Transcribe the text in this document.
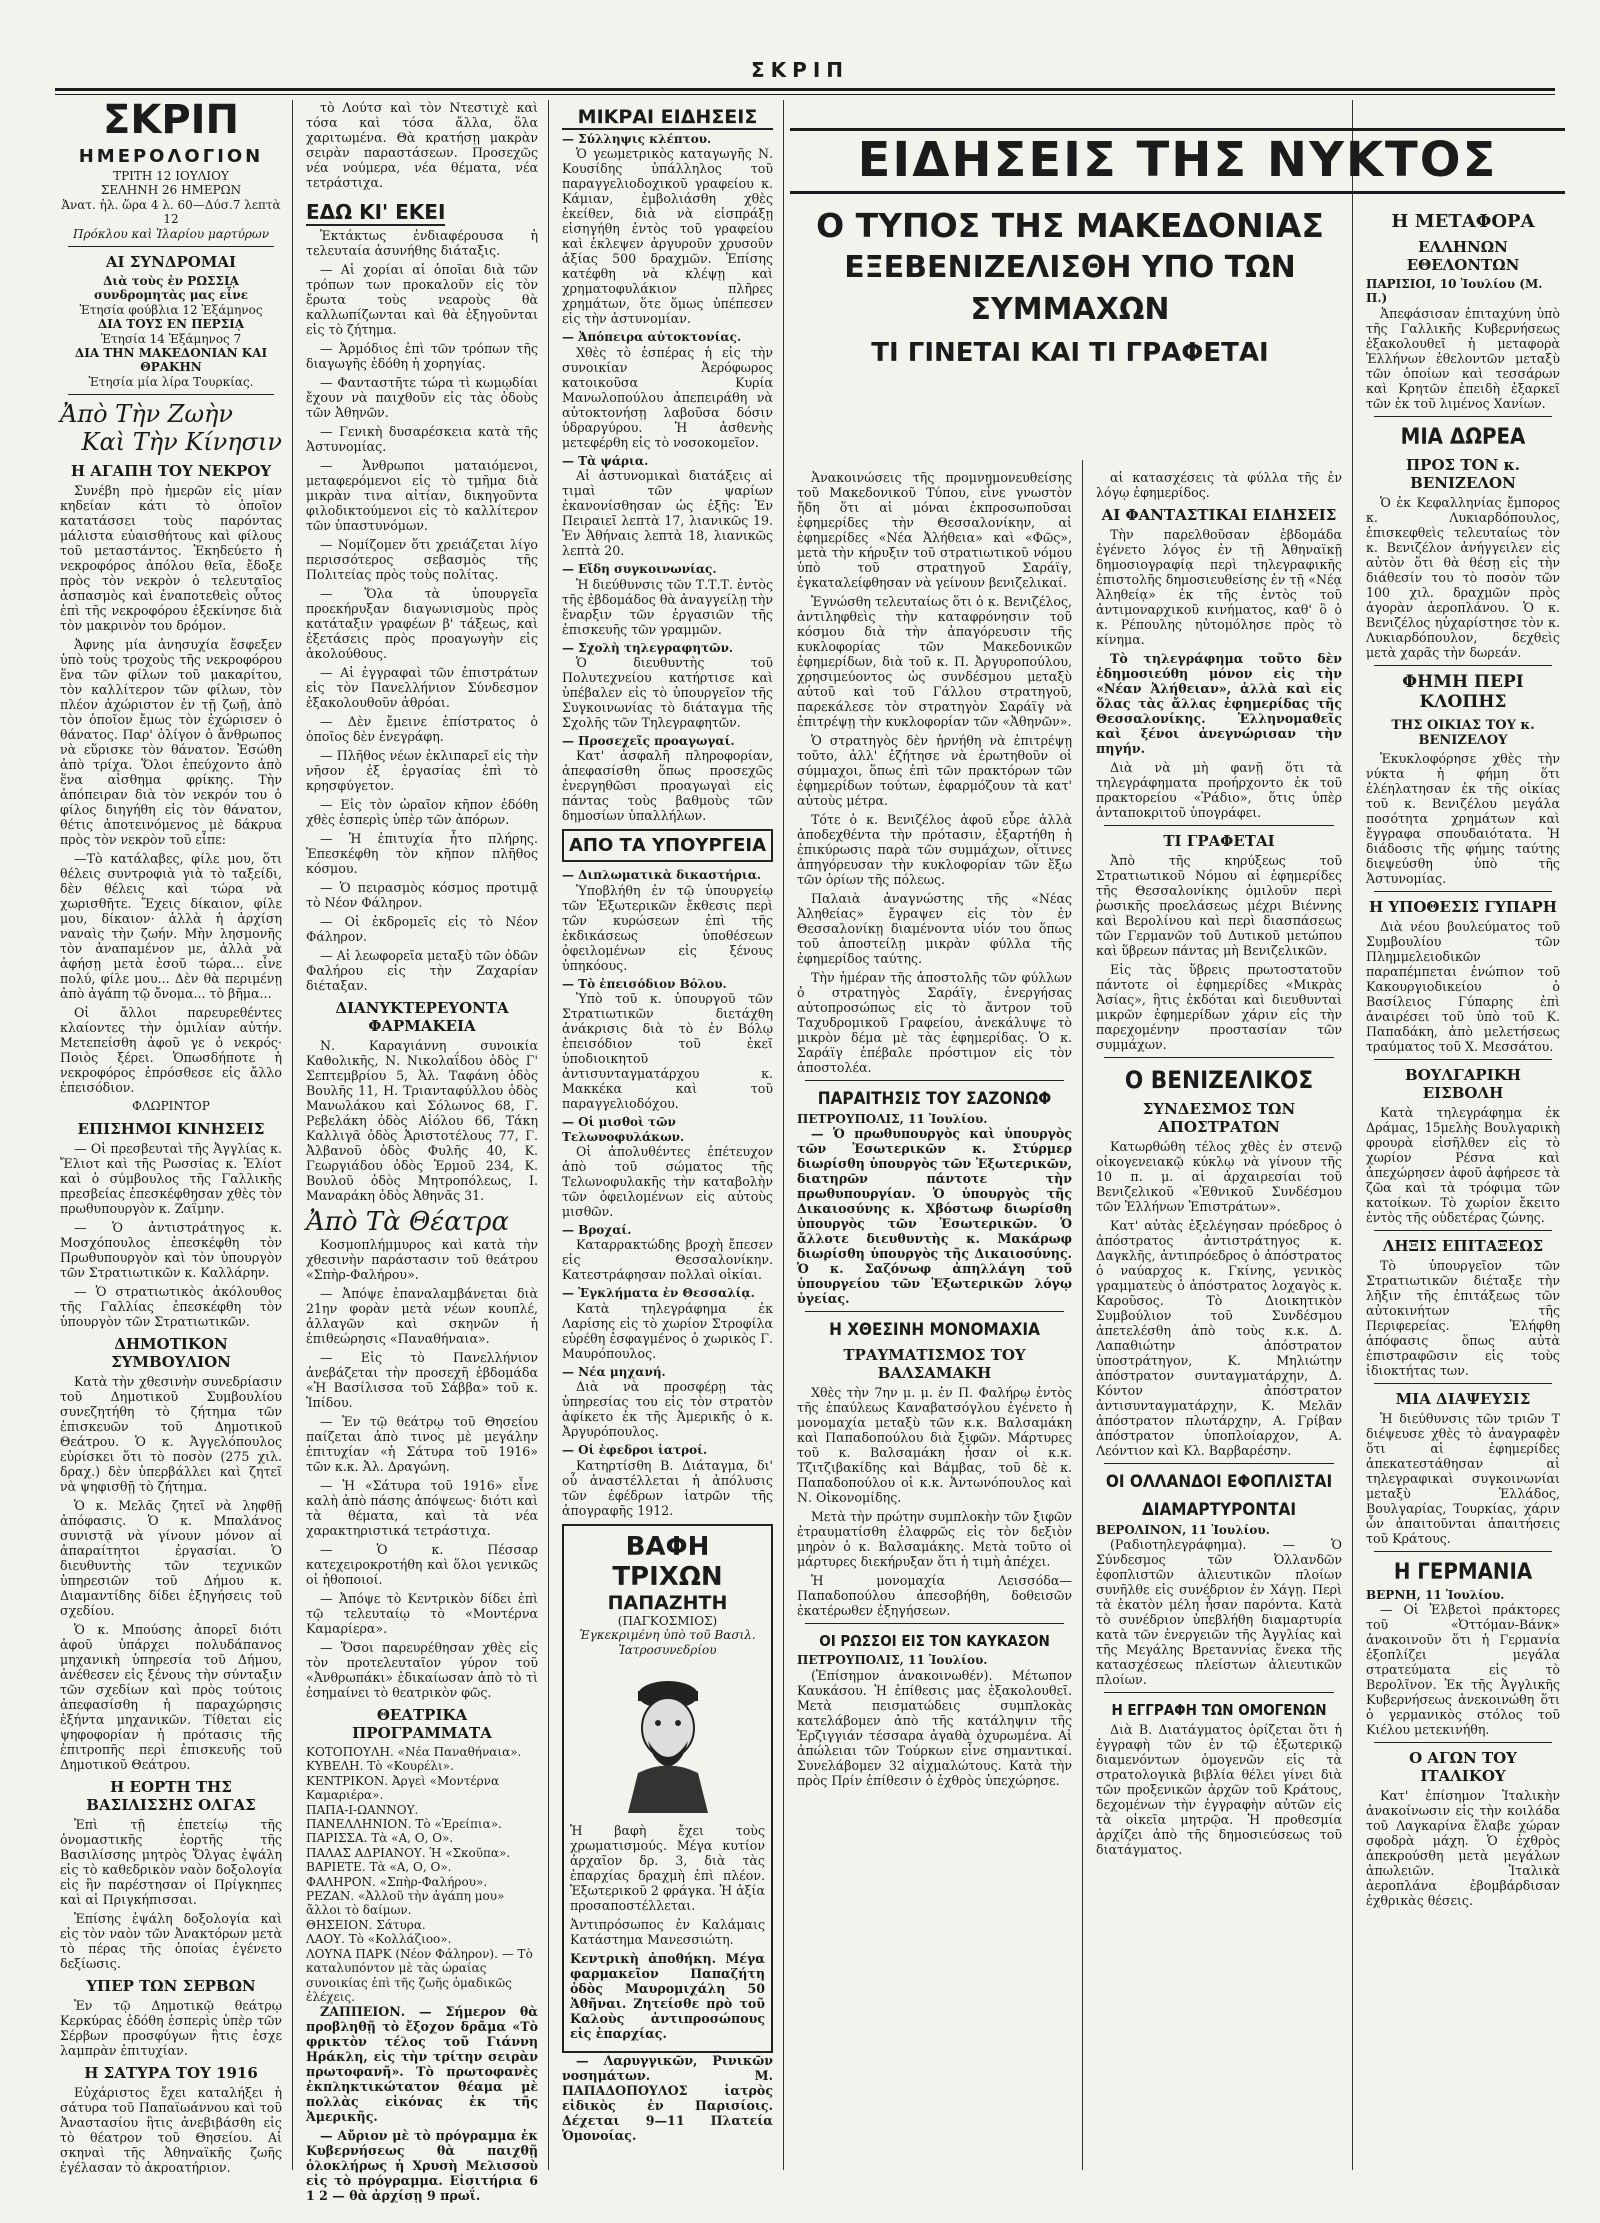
ΣΚΡΙΠ
ΣΚΡΙΠ
ΗΜΕΡΟΛΟΓΙΟΝ
ΤΡΙΤΗ 12 ΙΟΥΛΙΟΥ
ΣΕΛΗΝΗ 26 ΗΜΕΡΩΝ
Ἀνατ. ἡλ. ὥρα 4 λ. 60—Δύσ.7 λεπτὰ 12
Πρόκλου καὶ Ἱλαρίου μαρτύρων
ΑΙ ΣΥΝΔΡΟΜΑΙ
Διὰ τοὺς ἐν ΡΩΣΣΙᾼ συνδρομητὰς μας εἶνε
Ἐτησία φούβλια 12 Ἑξάμηνος
ΔΙΑ ΤΟΥΣ ΕΝ ΠΕΡΣΙᾼ
Ἐτησία 14 Ἑξάμηνος 7
ΔΙΑ ΤΗΝ ΜΑΚΕΔΟΝΙΑΝ ΚΑΙ ΘΡΑΚΗΝ
Ἐτησία μία λίρα Τουρκίας.
Ἀπὸ Τὴν Ζωὴν
Καὶ Τὴν Κίνησιν
Η ΑΓΑΠΗ ΤΟΥ ΝΕΚΡΟΥ

Συνέβη πρὸ ἡμερῶν εἰς μίαν κηδείαν κάτι τὸ ὁποῖον κατατάσσει τοὺς παρόντας μάλιστα εὐαισθήτους καὶ φίλους τοῦ μεταστάντος. Ἐκηδεύετο ἡ νεκροφόρος ἀπόλου θεῖα, ἔδοξε πρὸς τὸν νεκρὸν ὁ τελευταῖος ἀσπασμὸς καὶ ἐναποτεθεὶς οὗτος ἐπὶ τῆς νεκροφόρου ἐξεκίνησε διὰ τὸν μακρινὸν του δρόμον.

Ἀφνης μία ἀνησυχία ἔσφεξεν ὑπὸ τοὺς τροχοὺς τῆς νεκροφόρου ἕνα τῶν φίλων τοῦ μακαρίτου, τὸν καλλίτερον τῶν φίλων, τὸν πλέον ἀχώριστον ἐν τῇ ζωῇ, ἀπὸ τὸν ὁποῖον ἔμως τὸν ἐχώρισεν ὁ θάνατος. Παρ' ὀλίγον ὁ ἄνθρωπος νὰ εὕρισκε τὸν θάνατον. Ἐσώθη ἀπὸ τρίχα. Ὅλοι ἐπεύχοντο ἀπὸ ἕνα αἰσθημα φρίκης. Τὴν ἀπόπειραν διὰ τὸν νεκρόν του ὁ φίλος διηγήθη εἰς τὸν θάνατον, θέτις ἀποτεινόμενος μὲ δάκρυα πρὸς τὸν νεκρὸν τοῦ εἶπε:

—Τὸ κατάλαβες, φίλε μου, ὅτι θέλεις συντροφιὰ γιὰ τὸ ταξείδι, δὲν θέλεις καὶ τώρα νὰ χωρισθῆτε. Ἔχεις δίκαιον, φίλε μου, δίκαιον· ἀλλὰ ἡ ἀρχίση ναναὶς τὴν ζωήν. Μὴν λησμονῆς τὸν ἀναπαμένον με, ἀλλὰ νὰ ἀφήσῃ μετὰ ἑσοῦ τώρα... εἶνε πολύ, φίλε μου... Δὲν θὰ περιμένῃ ἀπὸ ἀγάπη τῷ ὄνομα... τὸ βῆμα...

Οἱ ἄλλοι παρευρεθέντες κλαίοντες τὴν ὁμιλίαν αὐτήν. Μετεπείσθη ἀφοῦ γε ὁ νεκρός· Ποιὸς ξέρει. Ὁπωσδήποτε ἡ νεκροφόρος ἐπρόσθεσε εἰς ἄλλο ἐπεισόδιον.

ΦΛΩΡΙΝΤΟΡ
ΕΠΙΣΗΜΟΙ ΚΙΝΗΣΕΙΣ

— Οἱ πρεσβευταὶ τῆς Ἀγγλίας κ. Ἔλιοτ καὶ τῆς Ρωσσίας κ. Ἐλίοτ καὶ ὁ σύμβουλος τῆς Γαλλικῆς πρεσβείας ἐπεσκέφθησαν χθὲς τὸν πρωθυπουργὸν κ. Ζαΐμην.

— Ὁ ἀντιστράτηγος κ. Μοσχόπουλος ἐπεσκέφθη τὸν Πρωθυπουργὸν καὶ τὸν ὑπουργὸν τῶν Στρατιωτικῶν κ. Καλλάρην.

— Ὁ στρατιωτικὸς ἀκόλουθος τῆς Γαλλίας ἐπεσκέφθη τὸν ὑπουργὸν τῶν Στρατιωτικῶν.

ΔΗΜΟΤΙΚΟΝ ΣΥΜΒΟΥΛΙΟΝ

Κατὰ τὴν χθεσινὴν συνεδρίασιν τοῦ Δημοτικοῦ Συμβουλίου συνεζητήθη τὸ ζήτημα τῶν ἐπισκευῶν τοῦ Δημοτικοῦ Θεάτρου. Ὁ κ. Ἀγγελόπουλος εὑρίσκει ὅτι τὸ ποσὸν (275 χιλ. δραχ.) δὲν ὑπερβάλλει καὶ ζητεῖ νὰ ψηφισθῇ τὸ ζήτημα.

Ὁ κ. Μελᾶς ζητεῖ νὰ ληφθῇ ἀπόφασις. Ὁ κ. Μπαλάνος συνιστᾷ νὰ γίνουν μόνον αἱ ἀπαραίτητοι ἐργασίαι. Ὁ διευθυντὴς τῶν τεχνικῶν ὑπηρεσιῶν τοῦ Δήμου κ. Διαμαντίδης δίδει ἐξηγήσεις τοῦ σχεδίου.

Ὁ κ. Μπούσης ἀπορεῖ διότι ἀφοῦ ὑπάρχει πολυδάπανος μηχανικὴ ὑπηρεσία τοῦ Δήμου, ἀνέθεσεν εἰς ξένους τὴν σύνταξιν τῶν σχεδίων καὶ πρὸς τούτοις ἀπεφασίσθη ἡ παραχώρησις ἑξήντα μηχανικῶν. Τίθεται εἰς ψηφοφορίαν ἡ πρότασις τῆς ἐπιτροπῆς περὶ ἐπισκευῆς τοῦ Δημοτικοῦ Θεάτρου.

Η ΕΟΡΤΗ ΤΗΣ ΒΑΣΙΛΙΣΣΗΣ ΟΛΓΑΣ

Ἐπὶ τῇ ἐπετείῳ τῆς ὀνομαστικῆς ἑορτῆς τῆς Βασιλίσσης μητρὸς Ὄλγας ἐψάλη εἰς τὸ καθεδρικὸν ναὸν δοξολογία εἰς ἣν παρέστησαν οἱ Πρίγκηπες καὶ αἱ Πριγκήπισσαι.

Ἐπίσης ἐψάλη δοξολογία καὶ εἰς τὸν ναὸν τῶν Ἀνακτόρων μετὰ τὸ πέρας τῆς ὁποίας ἐγένετο δεξίωσις.

ΥΠΕΡ ΤΩΝ ΣΕΡΒΩΝ

Ἐν τῷ Δημοτικῷ θεάτρῳ Κερκύρας ἐδόθη ἑσπερὶς ὑπὲρ τῶν Σέρβων προσφύγων ἣτις ἐσχε λαμπρὰν ἐπιτυχίαν.

Η ΣΑΤΥΡΑ ΤΟΥ 1916

Εὐχάριστος ἔχει καταλήξει ἡ σάτυρα τοῦ Παπαϊωάννου καὶ τοῦ Ἀναστασίου ἣτις ἀνεβιβάσθη εἰς τὸ θέατρον τοῦ Θησείου. Αἱ σκηναὶ τῆς Ἀθηναϊκῆς ζωῆς ἐγέλασαν τὸ ἀκροατήριον.

τὸ Λούτσ καὶ τὸν Ντεστιχὲ καὶ τόσα καὶ τόσα ἄλλα, ὅλα χαριτωμένα. Θὰ κρατήσῃ μακρὰν σειρὰν παραστάσεων. Προσεχῶς νέα νούμερα, νέα θέματα, νέα τετράστιχα.

ΕΔΩ ΚΙ' ΕΚΕΙ

Ἐκτάκτως ἐνδιαφέρουσα ἡ τελευταία ἀσυνήθης διάταξις.

— Αἱ χορίαι αἱ ὁποῖαι διὰ τῶν τρόπων των προκαλοῦν εἰς τὸν ἔρωτα τοὺς νεαροὺς θὰ καλλωπίζωνται καὶ θὰ ἐξηγοῦνται εἰς τὸ ζήτημα.

— Ἀρμόδιος ἐπὶ τῶν τρόπων τῆς διαγωγῆς ἐδόθη ἡ χορηγίας.

— Φανταστῆτε τώρα τὶ κωμῳδίαι ἔχουν νὰ παιχθοῦν εἰς τὰς ὁδοὺς τῶν Ἀθηνῶν.

— Γενικὴ δυσαρέσκεια κατὰ τῆς Ἀστυνομίας.

— Ἀνθρωποι ματαιόμενοι, μεταφερόμενοι εἰς τὸ τμῆμα διὰ μικρὰν τινα αἰτίαν, δικηγοῦντα φιλοδικτούμενοι εἰς τὸ καλλίτερον τῶν ὑπαστυνόμων.

— Νομίζομεν ὅτι χρειάζεται λίγο περισσότερος σεβασμὸς τῆς Πολιτείας πρὸς τοὺς πολίτας.

— Ὅλα τὰ ὑπουργεῖα προεκήρυξαν διαγωνισμοὺς πρὸς κατάταξιν γραφέων β' τάξεως, καὶ ἐξετάσεις πρὸς προαγωγὴν εἰς ἀκολούθους.

— Αἱ ἐγγραφαὶ τῶν ἐπιστράτων εἰς τὸν Πανελλήνιον Σύνδεσμον ἐξακολουθοῦν ἀθρόαι.

— Δὲν ἔμεινε ἐπίστρατος ὁ ὁποῖος δὲν ἐνεγράφη.

— Πλῆθος νέων ἐκλιπαρεῖ εἰς τὴν νῆσον ἐξ ἐργασίας ἐπὶ τὸ κρησφύγετον.

— Εἰς τὸν ὡραῖον κῆπον ἐδόθη χθὲς ἑσπερὶς ὑπὲρ τῶν ἀπόρων.

— Ἡ ἐπιτυχία ἦτο πλήρης. Ἐπεσκέφθη τὸν κῆπον πλῆθος κόσμου.

— Ὁ πειρασμὸς κόσμος προτιμᾷ τὸ Νέον Φάληρον.

— Οἱ ἐκδρομεῖς εἰς τὸ Νέον Φάληρον.

— Αἱ λεωφορεῖα μεταξὺ τῶν ὁδῶν Φαλήρου εἰς τὴν Ζαχαρίαν διέταξαν.

ΔΙΑΝΥΚΤΕΡΕΥΟΝΤΑ ΦΑΡΜΑΚΕΙΑ

Ν. Καραγιάννη συνοικία Καθολικῆς, Ν. Νικολαΐδου ὁδὸς Γ' Σεπτεμβρίου 5, Ἀλ. Ταφάνη ὁδὸς Βουλῆς 11, Η. Τριανταφύλλου ὁδὸς Μανωλάκου καὶ Σόλωνος 68, Γ. Ρεβελάκη ὁδὸς Αἰόλου 66, Τάκη Καλλιγᾶ ὁδὸς Ἀριστοτέλους 77, Γ. Ἀλβανοῦ ὁδὸς Φυλῆς 40, Κ. Γεωργιάδου ὁδὸς Ἑρμοῦ 234, Κ. Βουλοῦ ὁδὸς Μητροπόλεως, Ι. Μαναράκη ὁδὸς Ἀθηνᾶς 31.

Ἀπὸ Τὰ Θέατρα

Κοσμοπλήμμυρος καὶ κατὰ τὴν χθεσινὴν παράστασιν τοῦ θεάτρου «Σπὴρ-Φαλήρου».

— Ἀπόψε ἐπαναλαμβάνεται διὰ 21ην φορὰν μετὰ νέων κουπλέ, ἀλλαγῶν καὶ σκηνῶν ἡ ἐπιθεώρησις «Παναθήναια».

— Εἰς τὸ Πανελλήνιον ἀνεβάζεται τὴν προσεχῆ ἑβδομάδα «Ἡ Βασίλισσα τοῦ Σάββα» τοῦ κ. Ἰπίδου.

— Ἐν τῷ θεάτρῳ τοῦ Θησείου παίζεται ἀπὸ τινος μὲ μεγάλην ἐπιτυχίαν «ἡ Σάτυρα τοῦ 1916» τῶν κ.κ. Ἀλ. Δραγώνη.

— Ἡ «Σάτυρα τοῦ 1916» εἶνε καλὴ ἀπὸ πάσης ἀπόψεως· διότι καὶ τὰ θέματα, καὶ τὰ νέα χαρακτηριστικά τετράστιχα.

— Ὁ κ. Πέσσαρ κατεχειροκροτήθη καὶ ὅλοι γενικῶς οἱ ἠθοποιοί.

— Ἀπόψε τὸ Κεντρικὸν δίδει ἐπὶ τῷ τελευταίῳ τὸ «Μοντέρνα Καμαρίερα».

— Ὅσοι παρευρέθησαν χθὲς εἰς τὸν προτελευταῖον γύρον τοῦ «Ἀνθρωπάκι» ἐδικαίωσαν ἀπὸ τὸ τὶ ἐσημαίνει τὸ θεατρικὸν φῶς.

ΘΕΑΤΡΙΚΑ ΠΡΟΓΡΑΜΜΑΤΑ
ΚΟΤΟΠΟΥΛΗ. «Νέα Παναθήναια».
ΚΥΒΕΛΗ. Τὸ «Κουρέλι».
ΚΕΝΤΡΙΚΟΝ. Ἀργεὶ «Μοντέρνα Καμαριέρα».
ΠΑΠΑ-Ι-ΩΑΝΝΟΥ.
ΠΑΝΕΛΛΗΝΙΟΝ. Τὸ «Ἐρείπια».
ΠΑΡΙΣΣΑ. Τὰ «Α, Ο, Ο».
ΠΑΛΑΣ ΑΔΡΙΑΝΟΥ. Ἡ «Σκοῦπα».
ΒΑΡΙΕΤΕ. Τὰ «Α, Ο, Ο».
ΦΑΛΗΡΟΝ. «Σπὴρ-Φαλήρου».
ΡΕΖΑΝ. «Ἀλλοῦ τὴν ἀγάπη μου» ἄλλοι τὸ δαίμων.
ΘΗΣΕΙΟΝ. Σάτυρα.
ΛΑΟΥ. Τὸ «Κολλάζιοο».
ΛΟΥΝΑ ΠΑΡΚ (Νέον Φάληρον). — Τὸ καταλυπόντον μὲ τὰς ὡραίας συνοικίας ἐπὶ τῆς ζωῆς ὁμαδικῶς ἐλέχεις.

ΖΑΠΠΕΙΟΝ. — Σήμερον θὰ προβληθῇ τὸ ἔξοχον δρᾶμα «Τὸ φρικτὸν τέλος τοῦ Γιάννη Ηράκλη, εἰς τὴν τρίτην σειρὰν πρωτοφανῆ». Τὸ πρωτοφανὲς ἐκπληκτικώτατον θέαμα μὲ πολλὰς εἰκόνας ἐκ τῆς Ἀμερικῆς.

— Αὔριον μὲ τὸ πρόγραμμα ἐκ Κυβερνήσεως θὰ παιχθῇ ὁλοκλήρως ἡ Χρυσὴ Μελισσοὺ εἰς τὸ πρόγραμμα. Εἰσιτήρια 6 1 2 — θὰ ἀρχίσῃ 9 πρωΐ.

ΜΙΚΡΑΙ ΕΙΔΗΣΕΙΣ
— Σύλληψις κλέπτου.

Ὁ γεωμετρικὸς καταγωγῆς Ν. Κουσίδης ὑπάλληλος τοῦ παραγγελιοδοχικοῦ γραφείου κ. Κάμιαν, ἐμβολιάσθη χθὲς ἐκείθεν, διὰ νὰ εἰσπράξῃ εἰσηγήθη ἐντὸς τοῦ γραφείου καὶ ἐκλεψεν ἀργυροῦν χρυσοῦν ἀξίας 500 δραχμῶν. Ἐπίσης κατέφθη νὰ κλέψῃ καὶ χρηματοφυλάκιον πλῆρες χρημάτων, ὅτε ὅμως ὑπέπεσεν εἰς τὴν ἀστυνομίαν.

— Ἀπόπειρα αὐτοκτονίας.

Χθὲς τὸ ἑσπέρας ἡ εἰς τὴν συνοικίαν Ἀερόφωρος κατοικοῦσα Κυρία Μανωλοπούλου ἀπεπειράθη νὰ αὐτοκτονήσῃ λαβοῦσα δόσιν ὑδραργύρου. Ἡ ἀσθενὴς μετεφέρθη εἰς τὸ νοσοκομεῖον.

— Τὰ ψάρια.

Αἱ ἀστυνομικαὶ διατάξεις αἱ τιμαὶ τῶν ψαρίων ἐκανονίσθησαν ὡς ἑξῆς: Ἐν Πειραιεῖ λεπτὰ 17, λιανικῶς 19. Ἐν Ἀθήναις λεπτὰ 18, λιανικῶς λεπτὰ 20.

— Εἴδη συγκοινωνίας.

Ἡ διεύθυνσις τῶν Τ.Τ.Τ. ἐντὸς τῆς ἐβδομάδος θὰ ἀναγγείλῃ τὴν ἔναρξιν τῶν ἐργασιῶν τῆς ἐπισκευῆς τῶν γραμμῶν.

— Σχολὴ τηλεγραφητῶν.

Ὁ διευθυντὴς τοῦ Πολυτεχνείου κατήρτισε καὶ ὑπέβαλεν εἰς τὸ ὑπουργεῖον τῆς Συγκοινωνίας τὸ διάταγμα τῆς Σχολῆς τῶν Τηλεγραφητῶν.

— Προσεχεῖς προαγωγαί.

Κατ' ἀσφαλῆ πληροφορίαν, ἀπεφασίσθη ὅπως προσεχῶς ἐνεργηθῶσι προαγωγαὶ εἰς πάντας τοὺς βαθμοὺς τῶν δημοσίων ὑπαλλήλων.

ΑΠΟ ΤΑ ΥΠΟΥΡΓΕΙΑ
— Διπλωματικὰ δικαστήρια.

Ὑποβλήθη ἐν τῷ ὑπουργείῳ τῶν Ἐξωτερικῶν ἔκθεσις περὶ τῶν κυρώσεων ἐπὶ τῆς ἐκδικάσεως ὑποθέσεων ὀφειλομένων εἰς ξένους ὑπηκόους.

— Τὸ ἐπεισόδιον Βόλου.

Ὑπὸ τοῦ κ. ὑπουργοῦ τῶν Στρατιωτικῶν διετάχθη ἀνάκρισις διὰ τὸ ἐν Βόλῳ ἐπεισόδιον τοῦ ἐκεῖ ὑποδιοικητοῦ ἀντισυνταγματάρχου κ. Μακκέκα καὶ τοῦ παραγγελιοδόχου.

— Οἱ μισθοὶ τῶν Τελωνοφυλάκων.

Οἱ ἀπολυθέντες ἐπέτευχον ἀπὸ τοῦ σώματος τῆς Τελωνοφυλακῆς τὴν καταβολὴν τῶν ὀφειλομένων εἰς αὐτοὺς μισθῶν.

— Βροχαί.

Καταρρακτώδης βροχὴ ἔπεσεν εἰς Θεσσαλονίκην. Κατεστράφησαν πολλαὶ οἰκίαι.

— Ἐγκλήματα ἐν Θεσσαλίᾳ.

Κατὰ τηλεγράφημα ἐκ Λαρίσης εἰς τὸ χωρίον Στροφίλα εὑρέθη ἐσφαγμένος ὁ χωρικὸς Γ. Μαυρόπουλος.

— Νέα μηχανή.

Διὰ νὰ προσφέρῃ τὰς ὑπηρεσίας του εἰς τὸν στρατὸν ἀφίκετο ἐκ τῆς Ἀμερικῆς ὁ κ. Ἀργυρόπουλος.

— Οἱ ἐφεδροι ἰατροί.

Κατηρτίσθη Β. Διάταγμα, δι' οὗ ἀναστέλλεται ἡ ἀπόλυσις τῶν ἐφέδρων ἰατρῶν τῆς ἀπογραφῆς 1912.

ΒΑΦΗ ΤΡΙΧΩΝ
ΠΑΠΑΖΗΤΗ
(ΠΑΓΚΟΣΜΙΟΣ)
Ἐγκεκριμένη ὑπὸ τοῦ Βασιλ. Ἰατροσυνεδρίου

Ἡ βαφὴ ἔχει τοὺς χρωματισμούς. Μέγα κυτίον ἀρχαῖον δρ. 3, διὰ τὰς ἐπαρχίας δραχμὴ ἐπὶ πλέον. Ἐξωτερικοῦ 2 φράγκα. Ἡ ἀξία προσαποστέλλεται.

Ἀντιπρόσωπος ἐν Καλάμαις Κατάστημα Μανεσσιώτη.

Κεντρικὴ ἀποθήκη. Μέγα φαρμακεῖον Παπαζήτη ὁδὸς Μαυρομιχάλη 50 Ἀθῆναι. Ζητείσθε πρὸ τοῦ Καλοὺς ἀντιπροσώπους εἰς ἐπαρχίας.

— Λαρυγγικῶν, Ρινικῶν νοσημάτων. Μ. ΠΑΠΑΔΟΠΟΥΛΟΣ ἰατρὸς εἰδικὸς ἐν Παρισίοις. Δέχεται 9—11 Πλατεία Ὁμονοίας.

ΕΙΔΗΣΕΙΣ ΤΗΣ ΝΥΚΤΟΣ
Ο ΤΥΠΟΣ ΤΗΣ ΜΑΚΕΔΟΝΙΑΣ
ΕΞΕΒΕΝΙΖΕΛΙΣΘΗ ΥΠΟ ΤΩΝ ΣΥΜΜΑΧΩΝ
ΤΙ ΓΙΝΕΤΑΙ ΚΑΙ ΤΙ ΓΡΑΦΕΤΑΙ

Ἀνακοινώσεις τῆς προμνημονευθείσης τοῦ Μακεδονικοῦ Τύπου, εἶνε γνωστὸν ἤδη ὅτι αἱ μόναι ἐκπροσωποῦσαι ἐφημερίδες τὴν Θεσσαλονίκην, αἱ ἐφημερίδες «Νέα Ἀλήθεια» καὶ «Φῶς», μετὰ τὴν κήρυξιν τοῦ στρατιωτικοῦ νόμου ὑπὸ τοῦ στρατηγοῦ Σαράϊγ, ἐγκαταλείφθησαν νὰ γείνουν βενιζελικαί.

Ἐγνώσθη τελευταίως ὅτι ὁ κ. Βενιζέλος, ἀντιληφθεὶς τὴν καταφρόνησιν τοῦ κόσμου διὰ τὴν ἀπαγόρευσιν τῆς κυκλοφορίας τῶν Μακεδονικῶν ἐφημερίδων, διὰ τοῦ κ. Π. Ἀργυροπούλου, χρησιμεύοντος ὡς συνδέσμου μεταξὺ αὐτοῦ καὶ τοῦ Γάλλου στρατηγοῦ, παρεκάλεσε τὸν στρατηγὸν Σαράϊγ νὰ ἐπιτρέψῃ τὴν κυκλοφορίαν τῶν «Ἀθηνῶν».

Ὁ στρατηγὸς δὲν ἠρνήθη νὰ ἐπιτρέψῃ τοῦτο, ἀλλ' ἐζήτησε νὰ ἐρωτηθοῦν οἱ σύμμαχοι, ὅπως ἐπὶ τῶν πρακτόρων τῶν ἐφημερίδων τούτων, ἐφαρμόζουν τὰ κατ' αὐτοὺς μέτρα.

Τότε ὁ κ. Βενιζέλος ἀφοῦ εὗρε ἀλλὰ ἀποδεχθέντα τὴν πρότασιν, ἐξαρτήθη ἡ ἐπικύρωσις παρὰ τῶν συμμάχων, οἵτινες ἀπηγόρευσαν τὴν κυκλοφορίαν τῶν ἔξω τῶν ὁρίων τῆς πόλεως.

Παλαιὰ ἀναγνώστης τῆς «Νέας Ἀληθείας» ἔγραψεν εἰς τὸν ἐν Θεσσαλονίκῃ διαμένοντα υἱόν του ὅπως τοῦ ἀποστείλῃ μικρὰν φύλλα τῆς ἐφημερίδος ταύτης.

Τὴν ἡμέραν τῆς ἀποστολῆς τῶν φύλλων ὁ στρατηγὸς Σαράϊγ, ἐνεργήσας αὐτοπροσώπως εἰς τὸ ἄντρον τοῦ Ταχυδρομικοῦ Γραφείου, ἀνεκάλυψε τὸ μικρὸν δέμα μὲ τὰς ἐφημερίδας. Ὁ κ. Σαράϊγ ἐπέβαλε πρόστιμον εἰς τὸν ἀποστολέα.

ΠΑΡΑΙΤΗΣΙΣ ΤΟΥ ΣΑΖΟΝΩΦ
ΠΕΤΡΟΥΠΟΛΙΣ, 11 Ἰουλίου.

— Ὁ πρωθυπουργὸς καὶ ὑπουργὸς τῶν Ἐσωτερικῶν κ. Στύρμερ διωρίσθη ὑπουργὸς τῶν Ἐξωτερικῶν, διατηρῶν πάντοτε τὴν πρωθυπουργίαν. Ὁ ὑπουργὸς τῆς Δικαιοσύνης κ. Χβόστωφ διωρίσθη ὑπουργὸς τῶν Ἐσωτερικῶν. Ὁ ἄλλοτε διευθυντὴς κ. Μακάρωφ διωρίσθη ὑπουργὸς τῆς Δικαιοσύνης. Ὁ κ. Σαζόνωφ ἀπηλλάγη τοῦ ὑπουργείου τῶν Ἐξωτερικῶν λόγῳ ὑγείας.

Η ΧΘΕΣΙΝΗ ΜΟΝΟΜΑΧΙΑ
ΤΡΑΥΜΑΤΙΣΜΟΣ ΤΟΥ ΒΑΛΣΑΜΑΚΗ

Χθὲς τὴν 7ην μ. μ. ἐν Π. Φαλήρῳ ἐντὸς τῆς ἐπαύλεως Καναβατσόγλου ἐγένετο ἡ μονομαχία μεταξὺ τῶν κ.κ. Βαλσαμάκη καὶ Παπαδοπούλου διὰ ξιφῶν. Μάρτυρες τοῦ κ. Βαλσαμάκη ἦσαν οἱ κ.κ. Τζιτζιβακίδης καὶ Βάμβας, τοῦ δὲ κ. Παπαδοπούλου οἱ κ.κ. Ἀντωνόπουλος καὶ Ν. Οἰκονομίδης.

Μετὰ τὴν πρώτην συμπλοκὴν τῶν ξιφῶν ἐτραυματίσθη ἐλαφρῶς εἰς τὸν δεξιὸν μηρὸν ὁ κ. Βαλσαμάκης. Μετὰ τοῦτο οἱ μάρτυρες διεκήρυξαν ὅτι ἡ τιμὴ ἀπέχει.

Ἡ μονομαχία Λεισσόδα—Παπαδοπούλου ἀπεσοβήθη, δοθεισῶν ἐκατέρωθεν ἐξηγήσεων.

ΟΙ ΡΩΣΣΟΙ ΕΙΣ ΤΟΝ ΚΑΥΚΑΣΟΝ
ΠΕΤΡΟΥΠΟΛΙΣ, 11 Ἰουλίου.

(Ἐπίσημον ἀνακοινωθέν). Μέτωπον Καυκάσου. Ἡ ἐπίθεσις μας ἐξακολουθεῖ. Μετὰ πεισματώδεις συμπλοκὰς κατελάβομεν ἀπὸ τῆς κατάληψιν τῆς Ἐρζιγγιάν τέσσαρα ἀγαθὰ ὁχυρωμένα. Αἱ ἀπώλειαι τῶν Τούρκων εἶνε σημαντικαί. Συνελάβομεν 32 αἰχμαλώτους. Κατὰ τὴν πρὸς Πρίν ἐπίθεσιν ὁ ἐχθρὸς ὑπεχώρησε.

αἱ κατασχέσεις τὰ φύλλα τῆς ἐν λόγῳ ἐφημερίδος.

ΑΙ ΦΑΝΤΑΣΤΙΚΑΙ ΕΙΔΗΣΕΙΣ

Τὴν παρελθοῦσαν ἑβδομάδα ἐγένετο λόγος ἐν τῇ Ἀθηναϊκῇ δημοσιογραφίᾳ περὶ τηλεγραφικῆς ἐπιστολῆς δημοσιευθείσης ἐν τῇ «Νέᾳ Ἀληθείᾳ» ἐκ τῆς ἐντὸς τοῦ ἀντιμοναρχικοῦ κινήματος, καθ' ὃ ὁ κ. Ρέπουλης ηὐτομόλησε πρὸς τὸ κίνημα.

Τὸ τηλεγράφημα τοῦτο δὲν ἐδημοσιεύθη μόνον εἰς τὴν «Νέαν Ἀλήθειαν», ἀλλὰ καὶ εἰς ὅλας τὰς ἄλλας ἐφημερίδας τῆς Θεσσαλονίκης. Ἑλληνομαθεῖς καὶ ξένοι ἀνεγνώρισαν τὴν πηγήν.

Διὰ νὰ μὴ φανῇ ὅτι τὰ τηλεγράφηματα προήρχοντο ἐκ τοῦ πρακτορείου «Ῥάδιο», ὅτις ὑπὲρ ἀνταποκριτοῦ ὑπογράφει.

ΤΙ ΓΡΑΦΕΤΑΙ

Ἀπὸ τῆς κηρύξεως τοῦ Στρατιωτικοῦ Νόμου αἱ ἐφημερίδες τῆς Θεσσαλονίκης ὁμιλοῦν περὶ ῥωσικῆς προελάσεως μέχρι Βιέννης καὶ Βερολίνου καὶ περὶ διασπάσεως τῶν Γερμανῶν τοῦ Δυτικοῦ μετώπου καὶ ὕβρεων πάντας μὴ Βενιζελικῶν.

Εἰς τὰς ὕβρεις πρωτοστατοῦν πάντοτε οἱ ἐφημερίδες «Μικρὰς Ἀσίας», ἣτις ἐκδόται καὶ διευθυνταὶ μικρῶν ἐφημερίδων χάριν εἰς τὴν παρεχομένην προστασίαν τῶν συμμάχων.

Ο ΒΕΝΙΖΕΛΙΚΟΣ
ΣΥΝΔΕΣΜΟΣ ΤΩΝ ΑΠΟΣΤΡΑΤΩΝ

Κατωρθώθη τέλος χθὲς ἐν στενῷ οἰκογενειακῷ κύκλῳ νὰ γίνουν τῆς 10 π. μ. αἱ ἀρχαιρεσίαι τοῦ Βενιζελικοῦ «Ἐθνικοῦ Συνδέσμου τῶν Ἑλλήνων Ἐπιστράτων».

Κατ' αὐτὰς ἐξελέγησαν πρόεδρος ὁ ἀπόστρατος ἀντιστράτηγος κ. Δαγκλῆς, ἀντιπρόεδρος ὁ ἀπόστρατος ὁ ναύαρχος κ. Γκίνης, γενικὸς γραμματεὺς ὁ ἀπόστρατος λοχαγὸς κ. Καροῦσος. Τὸ Διοικητικὸν Συμβούλιον τοῦ Συνδέσμου ἀπετελέσθη ἀπὸ τοὺς κ.κ. Δ. Λαπαθιώτην ἀπόστρατον ὑποστράτηγον, Κ. Μηλιώτην ἀπόστρατον συνταγματάρχην, Δ. Κόντον ἀπόστρατον ἀντισυνταγματάρχην, Κ. Μελᾶν ἀπόστρατον πλωτάρχην, Α. Γρίβαν ἀπόστρατον ὑποπλοίαρχον, Α. Λεόντιον καὶ Κλ. Βαρβαρέσην.

ΟΙ ΟΛΛΑΝΔΟΙ ΕΦΟΠΛΙΣΤΑΙ
ΔΙΑΜΑΡΤΥΡΟΝΤΑΙ
ΒΕΡΟΛΙΝΟΝ, 11 Ἰουλίου.

(Ραδιοτηλεγράφημα). — Ὁ Σύνδεσμος τῶν Ὀλλανδῶν ἐφοπλιστῶν ἀλιευτικῶν πλοίων συνῆλθε εἰς συνέδριον ἐν Χάγῃ. Περὶ τὰ ἑκατὸν μέλη ἦσαν παρόντα. Κατὰ τὸ συνέδριον ὑπεβλήθη διαμαρτυρία κατὰ τῶν ἐνεργειῶν τῆς Ἀγγλίας καὶ τῆς Μεγάλης Βρεταννίας ἕνεκα τῆς κατασχέσεως πλείστων ἀλιευτικῶν πλοίων.

Η ΕΓΓΡΑΦΗ ΤΩΝ ΟΜΟΓΕΝΩΝ

Διὰ Β. Διατάγματος ὁρίζεται ὅτι ἡ ἐγγραφὴ τῶν ἐν τῷ ἐξωτερικῷ διαμενόντων ὁμογενῶν εἰς τὰ στρατολογικὰ βιβλία θέλει γίνει διὰ τῶν προξενικῶν ἀρχῶν τοῦ Κράτους, δεχομένων τὴν ἐγγραφὴν αὐτῶν εἰς τὰ οἰκεῖα μητρῷα. Ἡ προθεσμία ἀρχίζει ἀπὸ τῆς δημοσιεύσεως τοῦ διατάγματος.

Η ΜΕΤΑΦΟΡΑ
ΕΛΛΗΝΩΝ ΕΘΕΛΟΝΤΩΝ
ΠΑΡΙΣΙΟΙ, 10 Ἰουλίου (Μ. Π.)

Ἀπεφάσισαν ἐπιταχύνη ὑπὸ τῆς Γαλλικῆς Κυβερνήσεως ἐξακολουθεῖ ἡ μεταφορὰ Ἑλλήνων ἐθελοντῶν μεταξὺ τῶν ὁποίων καὶ τεσσάρων καὶ Κρητῶν ἐπειδὴ ἐξαρκεῖ τῶν ἐκ τοῦ λιμένος Χανίων.

ΜΙΑ ΔΩΡΕΑ
ΠΡΟΣ ΤΟΝ κ. ΒΕΝΙΖΕΛΟΝ

Ὁ ἐκ Κεφαλληνίας ἔμπορος κ. Λυκιαρδόπουλος, ἐπισκεφθεὶς τελευταίως τὸν κ. Βενιζέλον ἀνήγγειλεν εἰς αὐτὸν ὅτι θὰ θέσῃ εἰς τὴν διάθεσίν του τὸ ποσὸν τῶν 100 χιλ. δραχμῶν πρὸς ἀγορὰν ἀεροπλάνου. Ὁ κ. Βενιζέλος ηὐχαρίστησε τὸν κ. Λυκιαρδόπουλον, δεχθεὶς μετὰ χαρᾶς τὴν δωρεάν.

ΦΗΜΗ ΠΕΡΙ ΚΛΟΠΗΣ
ΤΗΣ ΟΙΚΙΑΣ ΤΟΥ κ. ΒΕΝΙΖΕΛΟΥ

Ἐκυκλοφόρησε χθὲς τὴν νύκτα ἡ φήμη ὅτι ἐλέηλατησαν ἐκ τῆς οἰκίας τοῦ κ. Βενιζέλου μεγάλα ποσότητα χρημάτων καὶ ἔγγραφα σπουδαιότατα. Ἡ διάδοσις τῆς φήμης ταύτης διεψεύσθη ὑπὸ τῆς Ἀστυνομίας.

Η ΥΠΟΘΕΣΙΣ ΓΥΠΑΡΗ

Διὰ νέου βουλεύματος τοῦ Συμβουλίου τῶν Πλημμελειοδικῶν παραπέμπεται ἐνώπιον τοῦ Κακουργιοδικείου ὁ Βασίλειος Γύπαρης ἐπὶ ἀναιρέσει τοῦ ὑπὸ τοῦ Κ. Παπαδάκη, ἀπὸ μελετήσεως τραύματος τοῦ Χ. Μεσσάτου.

ΒΟΥΛΓΑΡΙΚΗ ΕΙΣΒΟΛΗ

Κατὰ τηλεγράφημα ἐκ Δράμας, 15μελὴς Βουλγαρικὴ φρουρὰ εἰσῆλθεν εἰς τὸ χωρίον Ρέσνα καὶ ἀπεχώρησεν ἀφοῦ ἀφήρεσε τὰ ζῶα καὶ τὰ τρόφιμα τῶν κατοίκων. Τὸ χωρίον ἔκειτο ἐντὸς τῆς οὐδετέρας ζώνης.

ΛΗΞΙΣ ΕΠΙΤΑΞΕΩΣ

Τὸ ὑπουργεῖον τῶν Στρατιωτικῶν διέταξε τὴν λῆξιν τῆς ἐπιτάξεως τῶν αὐτοκινήτων τῆς Περιφερείας. Ἐλήφθη ἀπόφασις ὅπως αὐτὰ ἐπιστραφῶσιν εἰς τοὺς ἰδιοκτήτας των.

ΜΙΑ ΔΙΑΨΕΥΣΙΣ

Ἡ διεύθυνσις τῶν τριῶν Τ διέψευσε χθὲς τὸ ἀναγραφὲν ὅτι αἱ ἐφημερίδες ἀπεκατεστάθησαν αἱ τηλεγραφικαὶ συγκοινωνίαι μεταξὺ Ἑλλάδος, Βουλγαρίας, Τουρκίας, χάριν ὧν ἀπαιτοῦνται ἀπαιτήσεις τοῦ Κράτους.

Η ΓΕΡΜΑΝΙΑ
ΒΕΡΝΗ, 11 Ἰουλίου.

— Οἱ Ἑλβετοὶ πράκτορες τοῦ «Ὀττόμαν-Βάνκ» ἀνακοινοῦν ὅτι ἡ Γερμανία ἐξοπλίζει μεγάλα στρατεύματα εἰς τὸ Βερολῖνον. Ἐκ τῆς Ἀγγλικῆς Κυβερνήσεως ἀνεκοινώθη ὅτι ὁ γερμανικὸς στόλος τοῦ Κιέλου μετεκινήθη.

Ο ΑΓΩΝ ΤΟΥ ΙΤΑΛΙΚΟΥ

Κατ' ἐπίσημον Ἰταλικὴν ἀνακοίνωσιν εἰς τὴν κοιλάδα τοῦ Λαγκαρίνα ἔλαβε χώραν σφοδρὰ μάχη. Ὁ ἐχθρὸς ἀπεκρούσθη μετὰ μεγάλων ἀπωλειῶν. Ἰταλικὰ ἀεροπλάνα ἐβομβάρδισαν ἐχθρικὰς θέσεις.
